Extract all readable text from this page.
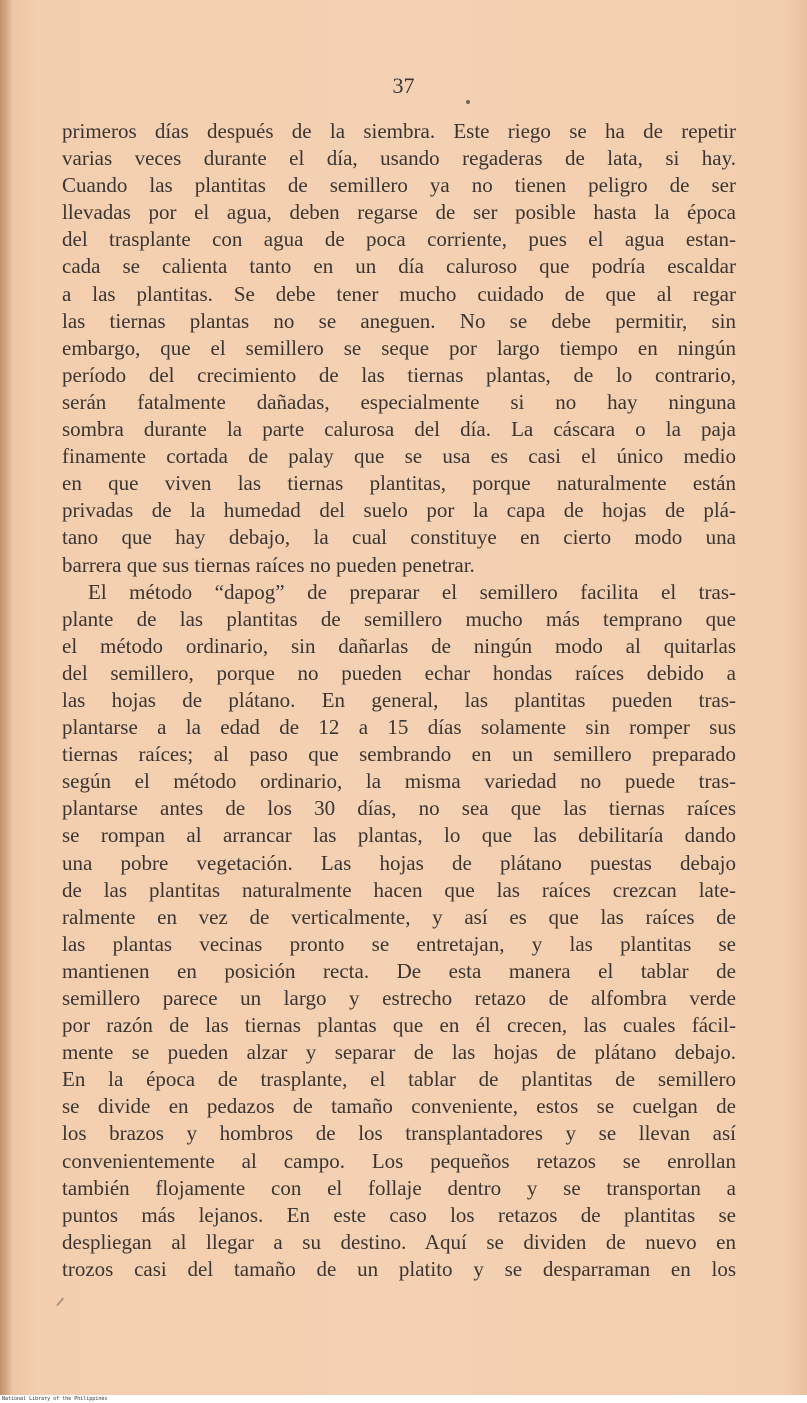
37

primeros días después de la siembra. Este riego se ha de repetir
varias veces durante el día, usando regaderas de lata, si hay.
Cuando las plantitas de semillero ya no tienen peligro de ser
llevadas por el agua, deben regarse de ser posible hasta la época
del trasplante con agua de poca corriente, pues el agua estan-
cada se calienta tanto en un día caluroso que podría escaldar
a las plantitas. Se debe tener mucho cuidado de que al regar
las tiernas plantas no se aneguen. No se debe permitir, sin
embargo, que el semillero se seque por largo tiempo en ningún
período del crecimiento de las tiernas plantas, de lo contrario,
serán fatalmente dañadas, especialmente si no hay ninguna
sombra durante la parte calurosa del día. La cáscara o la paja
finamente cortada de palay que se usa es casi el único medio
en que viven las tiernas plantitas, porque naturalmente están
privadas de la humedad del suelo por la capa de hojas de plá-
tano que hay debajo, la cual constituye en cierto modo una
barrera que sus tiernas raíces no pueden penetrar.
El método “dapog” de preparar el semillero facilita el tras-
plante de las plantitas de semillero mucho más temprano que
el método ordinario, sin dañarlas de ningún modo al quitarlas
del semillero, porque no pueden echar hondas raíces debido a
las hojas de plátano. En general, las plantitas pueden tras-
plantarse a la edad de 12 a 15 días solamente sin romper sus
tiernas raíces; al paso que sembrando en un semillero preparado
según el método ordinario, la misma variedad no puede tras-
plantarse antes de los 30 días, no sea que las tiernas raíces
se rompan al arrancar las plantas, lo que las debilitaría dando
una pobre vegetación. Las hojas de plátano puestas debajo
de las plantitas naturalmente hacen que las raíces crezcan late-
ralmente en vez de verticalmente, y así es que las raíces de
las plantas vecinas pronto se entretajan, y las plantitas se
mantienen en posición recta. De esta manera el tablar de
semillero parece un largo y estrecho retazo de alfombra verde
por razón de las tiernas plantas que en él crecen, las cuales fácil-
mente se pueden alzar y separar de las hojas de plátano debajo.
En la época de trasplante, el tablar de plantitas de semillero
se divide en pedazos de tamaño conveniente, estos se cuelgan de
los brazos y hombros de los transplantadores y se llevan así
convenientemente al campo. Los pequeños retazos se enrollan
también flojamente con el follaje dentro y se transportan a
puntos más lejanos. En este caso los retazos de plantitas se
despliegan al llegar a su destino. Aquí se dividen de nuevo en
trozos casi del tamaño de un platito y se desparraman en los

National Library of the Philippines
